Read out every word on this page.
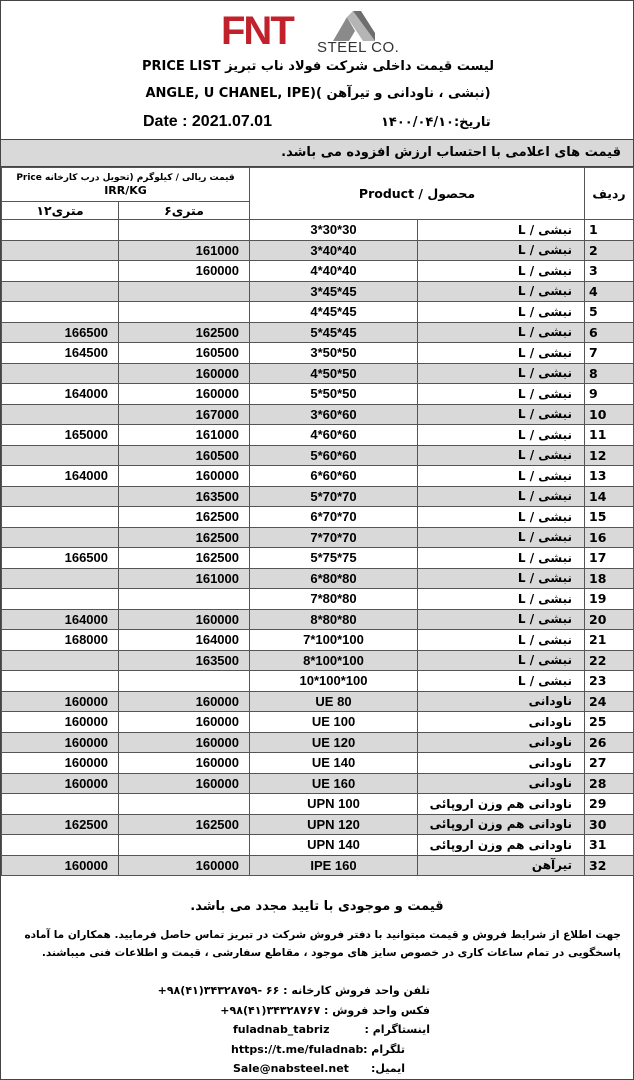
FNT STEEL CO.
لیست قیمت داخلی شرکت فولاد ناب تبریز PRICE LIST
(نبشی ، ناودانی و تیرآهن )(ANGLE, U CHANEL, IPE
Date : 2021.07.01	تاریخ:۱۴۰۰/۰۴/۱۰
قیمت های اعلامی با احتساب ارزش افزوده می باشد.
قیمت ریالی / کیلوگرم (تحویل درب کارخانه Price
IRR/KG		Product / محصول		ردیف
۱۲متری	۶متری			
		3*30*30	نبشی / L	1
	161000	3*40*40	نبشی / L	2
	160000	4*40*40	نبشی / L	3
		3*45*45	نبشی / L	4
		4*45*45	نبشی / L	5
166500	162500	5*45*45	نبشی / L	6
164500	160500	3*50*50	نبشی / L	7
	160000	4*50*50	نبشی / L	8
164000	160000	5*50*50	نبشی / L	9
	167000	3*60*60	نبشی / L	10
165000	161000	4*60*60	نبشی / L	11
	160500	5*60*60	نبشی / L	12
164000	160000	6*60*60	نبشی / L	13
	163500	5*70*70	نبشی / L	14
	162500	6*70*70	نبشی / L	15
	162500	7*70*70	نبشی / L	16
166500	162500	5*75*75	نبشی / L	17
	161000	6*80*80	نبشی / L	18
		7*80*80	نبشی / L	19
164000	160000	8*80*80	نبشی / L	20
168000	164000	7*100*100	نبشی / L	21
	163500	8*100*100	نبشی / L	22
		10*100*100	نبشی / L	23
160000	160000	UE 80	ناودانی	24
160000	160000	UE 100	ناودانی	25
160000	160000	UE 120	ناودانی	26
160000	160000	UE 140	ناودانی	27
160000	160000	UE 160	ناودانی	28
		UPN 100	ناودانی هم وزن اروپائی	29
162500	162500	UPN 120	ناودانی هم وزن اروپائی	30
		UPN 140	ناودانی هم وزن اروپائی	31
160000	160000	IPE 160	تیرآهن	32
قیمت و موجودی با تایید مجدد می باشد.
جهت اطلاع از شرایط فروش و قیمت میتوانید با دفتر فروش شرکت در تبریز تماس حاصل فرمایید. همکاران ما آماده پاسخگویی در تمام ساعات کاری در خصوص سایز های موجود ، مقاطع سفارشی ، قیمت و اطلاعات فنی میباشند.
تلفن واحد فروش کارخانه : ۶۶ -۳۴۳۲۸۷۵۹(۴۱)۹۸+
فکس واحد فروش : ۳۴۳۲۸۷۶۷(۴۱)۹۸+
اینستاگرام :
fuladnab_tabriz
تلگرام :
https://t.me/fuladnab
ایمیل:
Sale@nabsteel.net
